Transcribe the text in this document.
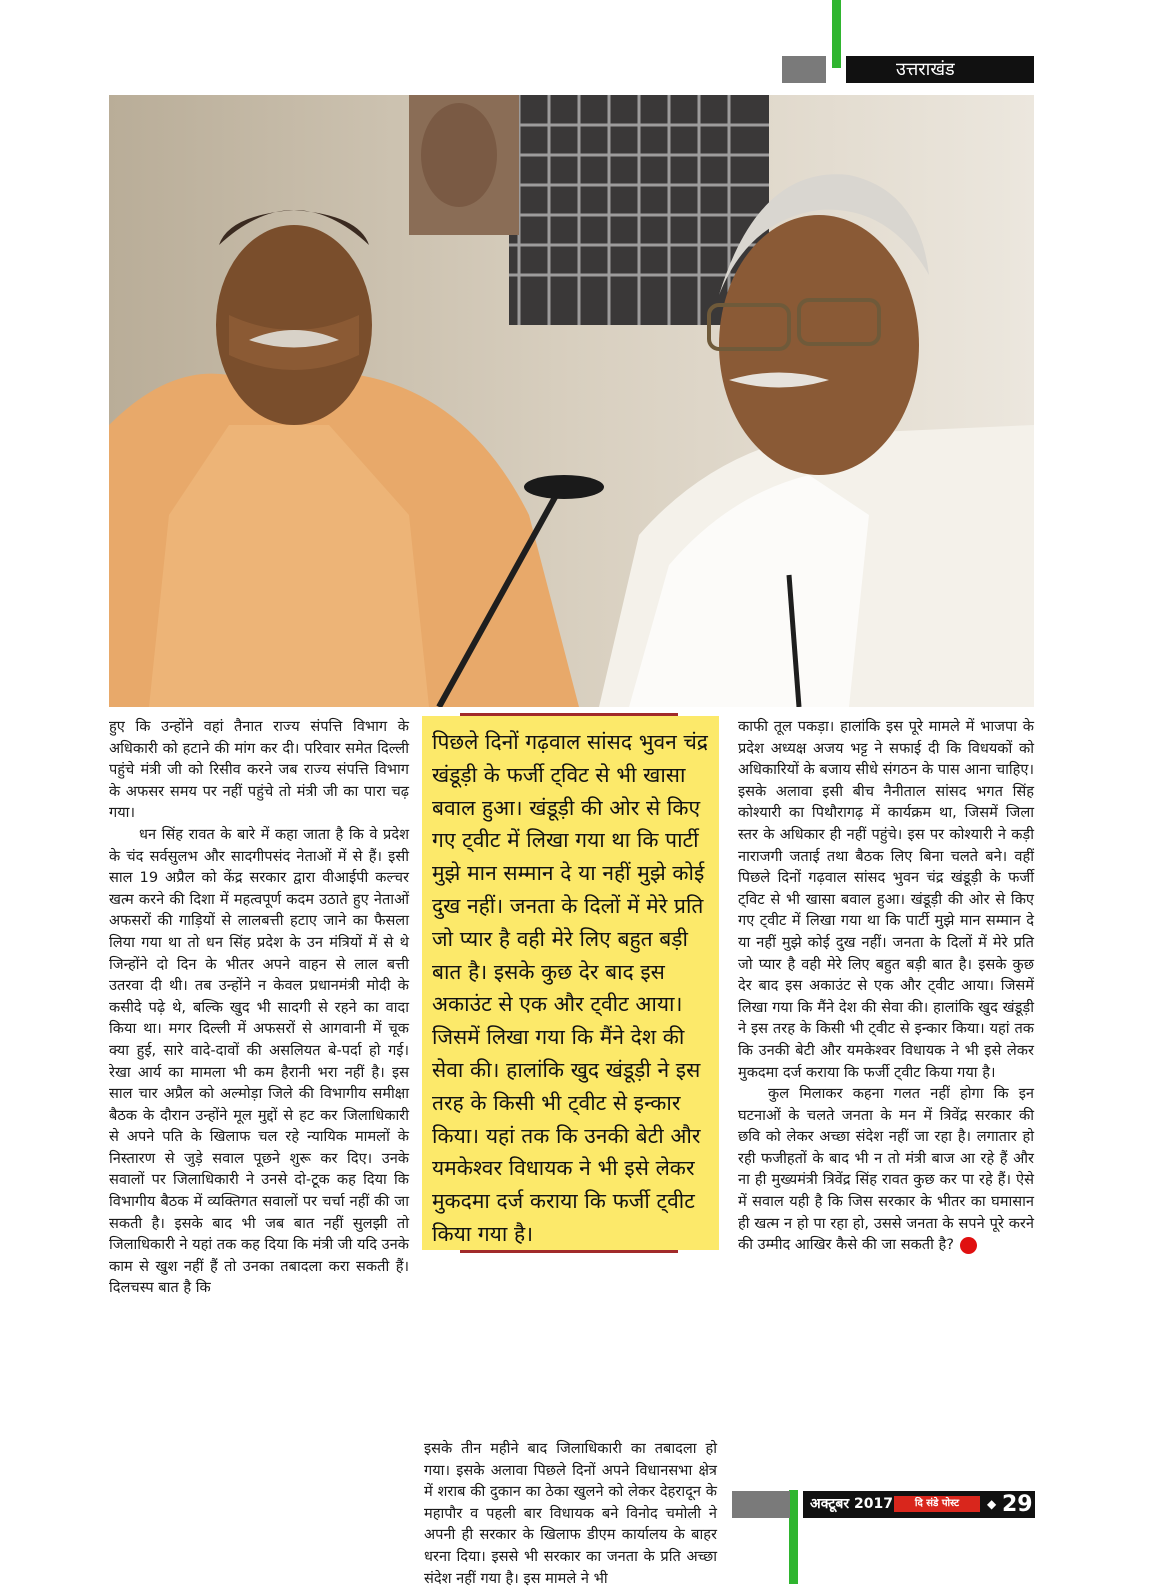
उत्तराखंड

हुए कि उन्होंने वहां तैनात राज्य संपत्ति विभाग के अधिकारी को हटाने की मांग कर दी। परिवार समेत दिल्ली पहुंचे मंत्री जी को रिसीव करने जब राज्य संपत्ति विभाग के अफसर समय पर नहीं पहुंचे तो मंत्री जी का पारा चढ़ गया।

धन सिंह रावत के बारे में कहा जाता है कि वे प्रदेश के चंद सर्वसुलभ और सादगीपसंद नेताओं में से हैं। इसी साल 19 अप्रैल को केंद्र सरकार द्वारा वीआईपी कल्चर खत्म करने की दिशा में महत्वपूर्ण कदम उठाते हुए नेताओं अफसरों की गाड़ियों से लालबत्ती हटाए जाने का फैसला लिया गया था तो धन सिंह प्रदेश के उन मंत्रियों में से थे जिन्होंने दो दिन के भीतर अपने वाहन से लाल बत्ती उतरवा दी थी। तब उन्होंने न केवल प्रधानमंत्री मोदी के कसीदे पढ़े थे, बल्कि खुद भी सादगी से रहने का वादा किया था। मगर दिल्ली में अफसरों से आगवानी में चूक क्या हुई, सारे वादे-दावों की असलियत बे-पर्दा हो गई। रेखा आर्य का मामला भी कम हैरानी भरा नहीं है। इस साल चार अप्रैल को अल्मोड़ा जिले की विभागीय समीक्षा बैठक के दौरान उन्होंने मूल मुद्दों से हट कर जिलाधिकारी से अपने पति के खिलाफ चल रहे न्यायिक मामलों के निस्तारण से जुड़े सवाल पूछने शुरू कर दिए। उनके सवालों पर जिलाधिकारी ने उनसे दो-टूक कह दिया कि विभागीय बैठक में व्यक्तिगत सवालों पर चर्चा नहीं की जा सकती है। इसके बाद भी जब बात नहीं सुलझी तो जिलाधिकारी ने यहां तक कह दिया कि मंत्री जी यदि उनके काम से खुश नहीं हैं तो उनका तबादला करा सकती हैं। दिलचस्प बात है कि

पिछले दिनों गढ़वाल सांसद भुवन चंद्र खंडूड़ी के फर्जी ट्विट से भी खासा बवाल हुआ। खंडूड़ी की ओर से किए गए ट्वीट में लिखा गया था कि पार्टी मुझे मान सम्मान दे या नहीं मुझे कोई दुख नहीं। जनता के दिलों में मेरे प्रति जो प्यार है वही मेरे लिए बहुत बड़ी बात है। इसके कुछ देर बाद इस अकाउंट से एक और ट्वीट आया। जिसमें लिखा गया कि मैंने देश की सेवा की। हालांकि खुद खंडूड़ी ने इस तरह के किसी भी ट्वीट से इन्कार किया। यहां तक कि उनकी बेटी और यमकेश्वर विधायक ने भी इसे लेकर मुकदमा दर्ज कराया कि फर्जी ट्वीट किया गया है।

इसके तीन महीने बाद जिलाधिकारी का तबादला हो गया। इसके अलावा पिछले दिनों अपने विधानसभा क्षेत्र में शराब की दुकान का ठेका खुलने को लेकर देहरादून के महापौर व पहली बार विधायक बने विनोद चमोली ने अपनी ही सरकार के खिलाफ डीएम कार्यालय के बाहर धरना दिया। इससे भी सरकार का जनता के प्रति अच्छा संदेश नहीं गया है। इस मामले ने भी

काफी तूल पकड़ा। हालांकि इस पूरे मामले में भाजपा के प्रदेश अध्यक्ष अजय भट्ट ने सफाई दी कि विधयकों को अधिकारियों के बजाय सीधे संगठन के पास आना चाहिए। इसके अलावा इसी बीच नैनीताल सांसद भगत सिंह कोश्यारी का पिथौरागढ़ में कार्यक्रम था, जिसमें जिला स्तर के अधिकार ही नहीं पहुंचे। इस पर कोश्यारी ने कड़ी नाराजगी जताई तथा बैठक लिए बिना चलते बने। वहीं पिछले दिनों गढ़वाल सांसद भुवन चंद्र खंडूड़ी के फर्जी ट्विट से भी खासा बवाल हुआ। खंडूड़ी की ओर से किए गए ट्वीट में लिखा गया था कि पार्टी मुझे मान सम्मान दे या नहीं मुझे कोई दुख नहीं। जनता के दिलों में मेरे प्रति जो प्यार है वही मेरे लिए बहुत बड़ी बात है। इसके कुछ देर बाद इस अकाउंट से एक और ट्वीट आया। जिसमें लिखा गया कि मैंने देश की सेवा की। हालांकि खुद खंडूड़ी ने इस तरह के किसी भी ट्वीट से इन्कार किया। यहां तक कि उनकी बेटी और यमकेश्वर विधायक ने भी इसे लेकर मुकदमा दर्ज कराया कि फर्जी ट्वीट किया गया है।

कुल मिलाकर कहना गलत नहीं होगा कि इन घटनाओं के चलते जनता के मन में त्रिवेंद्र सरकार की छवि को लेकर अच्छा संदेश नहीं जा रहा है। लगातार हो रही फजीहतों के बाद भी न तो मंत्री बाज आ रहे हैं और ना ही मुख्यमंत्री त्रिवेंद्र सिंह रावत कुछ कर पा रहे हैं। ऐसे में सवाल यही है कि जिस सरकार के भीतर का घमासान ही खत्म न हो पा रहा हो, उससे जनता के सपने पूरे करने की उम्मीद आखिर कैसे की जा सकती है?

अक्टूबर 2017	दि संडे पोस्ट	◆ 29
